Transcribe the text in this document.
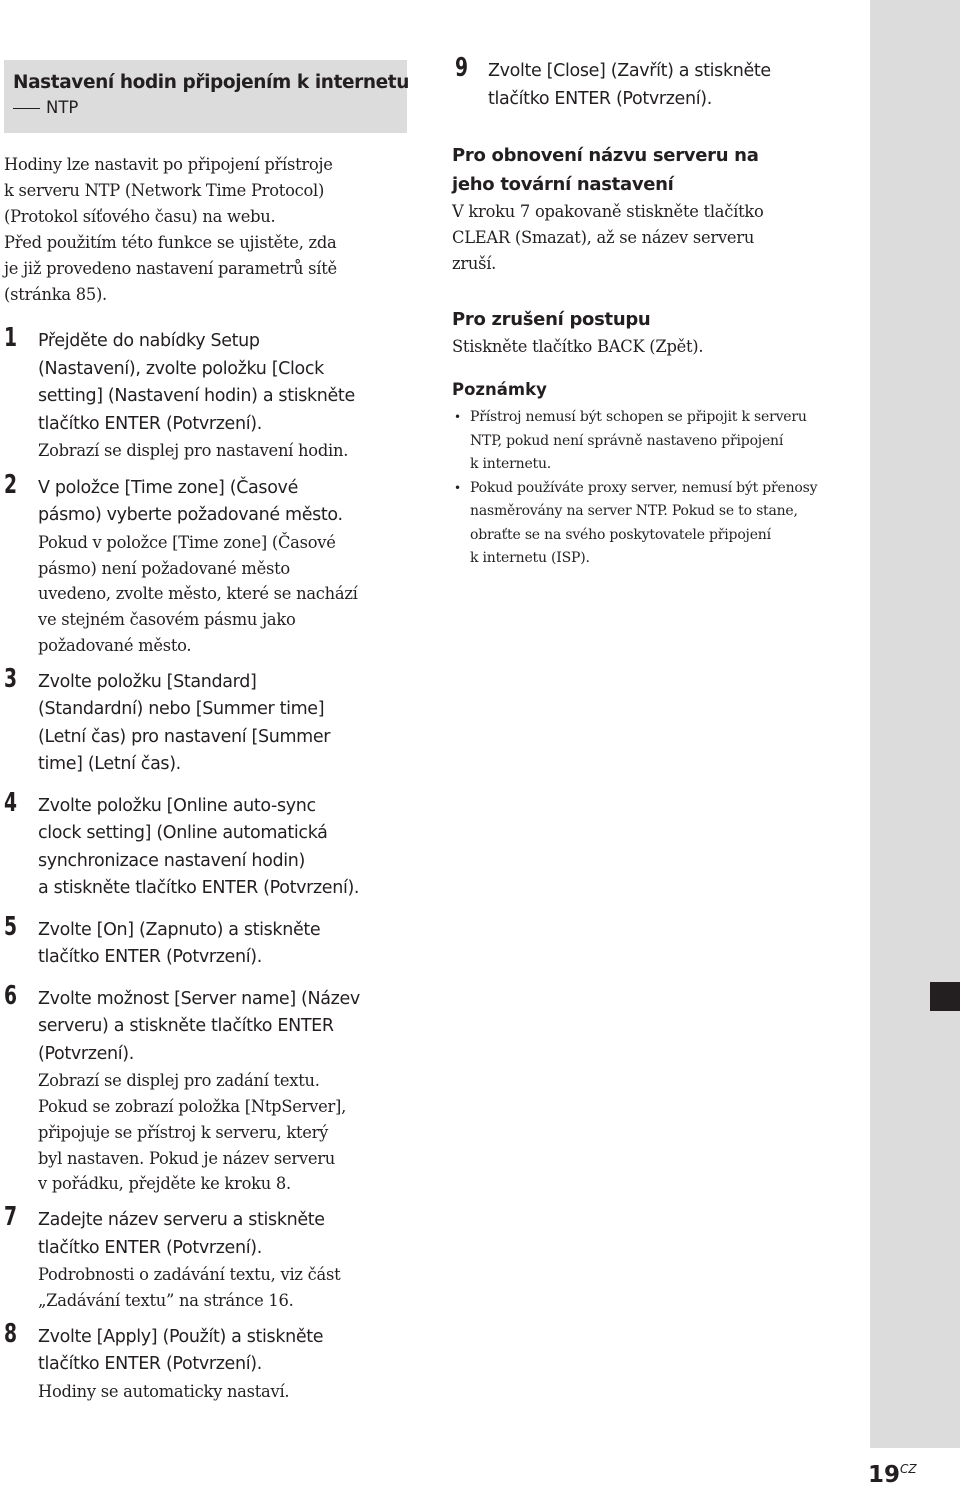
$19^{CZ}$
Nastavení hodin připojením k internetu
NTP
Hodiny lze nastavit po připojení přístroje
k serveru NTP (Network Time Protocol)
(Protokol síťového času) na webu.
Před použitím této funkce se ujistěte, zda
je již provedeno nastavení parametrů sítě
(stránka 85).
1 Přejděte do nabídky Setup
(Nastavení), zvolte položku [Clock
setting] (Nastavení hodin) a stiskněte
tlačítko ENTER (Potvrzení).
Zobrazí se displej pro nastavení hodin.
2 V položce [Time zone] (Časové
pásmo) vyberte požadované město.
Pokud v položce [Time zone] (Časové
pásmo) není požadované město
uvedeno, zvolte město, které se nachází
ve stejném časovém pásmu jako
požadované město.
3 Zvolte položku [Standard]
(Standardní) nebo [Summer time]
(Letní čas) pro nastavení [Summer
time] (Letní čas).
4 Zvolte položku [Online auto-sync
clock setting] (Online automatická
synchronizace nastavení hodin)
a stiskněte tlačítko ENTER (Potvrzení).
5 Zvolte [On] (Zapnuto) a stiskněte
tlačítko ENTER (Potvrzení).
6 Zvolte možnost [Server name] (Název
serveru) a stiskněte tlačítko ENTER
(Potvrzení).
Zobrazí se displej pro zadání textu.
Pokud se zobrazí položka [NtpServer],
připojuje se přístroj k serveru, který
byl nastaven. Pokud je název serveru
v pořádku, přejděte ke kroku 8.
7 Zadejte název serveru a stiskněte
tlačítko ENTER (Potvrzení).
Podrobnosti o zadávání textu, viz část
„Zadávání textu” na stránce 16.
8 Zvolte [Apply] (Použít) a stiskněte
tlačítko ENTER (Potvrzení).
Hodiny se automaticky nastaví.
9 Zvolte [Close] (Zavřít) a stiskněte
tlačítko ENTER (Potvrzení).
Pro obnovení názvu serveru na
jeho tovární nastavení
V kroku 7 opakovaně stiskněte tlačítko
CLEAR (Smazat), až se název serveru
zruší.
Pro zrušení postupu
Stiskněte tlačítko BACK (Zpět).
Poznámky
• Přístroj nemusí být schopen se připojit k serveru
NTP, pokud není správně nastaveno připojení
k internetu.
• Pokud používáte proxy server, nemusí být přenosy
nasměrovány na server NTP. Pokud se to stane,
obraťte se na svého poskytovatele připojení
k internetu (ISP).
